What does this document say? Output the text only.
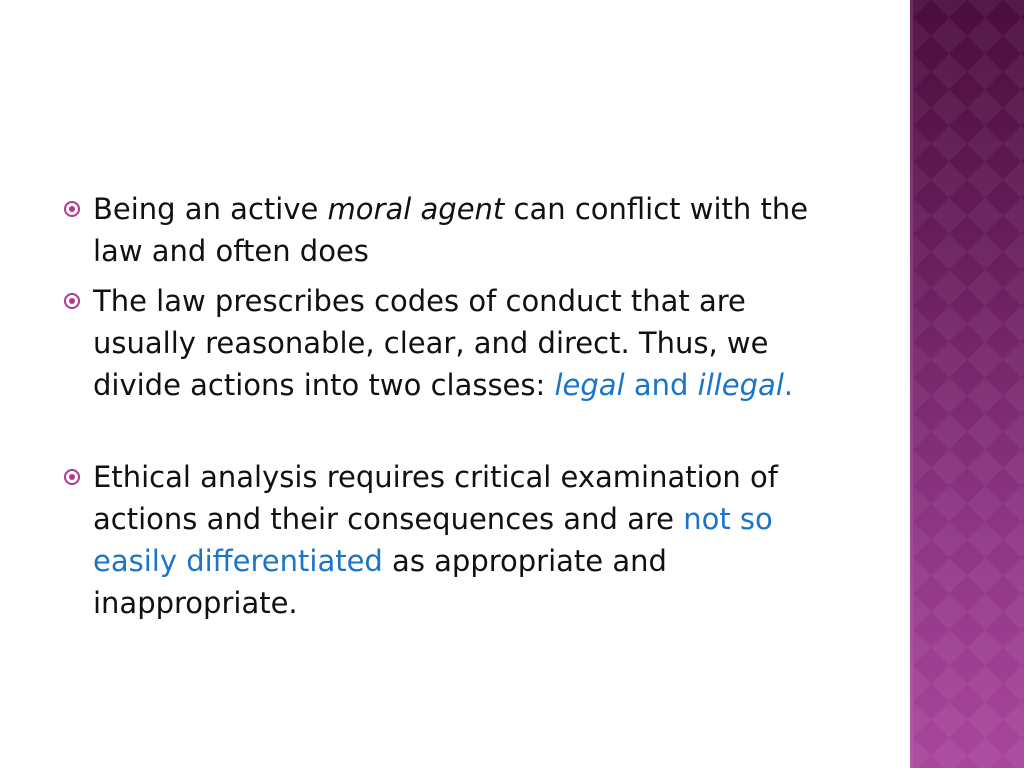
Being an active moral agent can conflict with the law and often does
The law prescribes codes of conduct that are usually reasonable, clear, and direct. Thus, we divide actions into two classes: legal and illegal.
Ethical analysis requires critical examination of actions and their consequences and are not so easily differentiated as appropriate and inappropriate.
